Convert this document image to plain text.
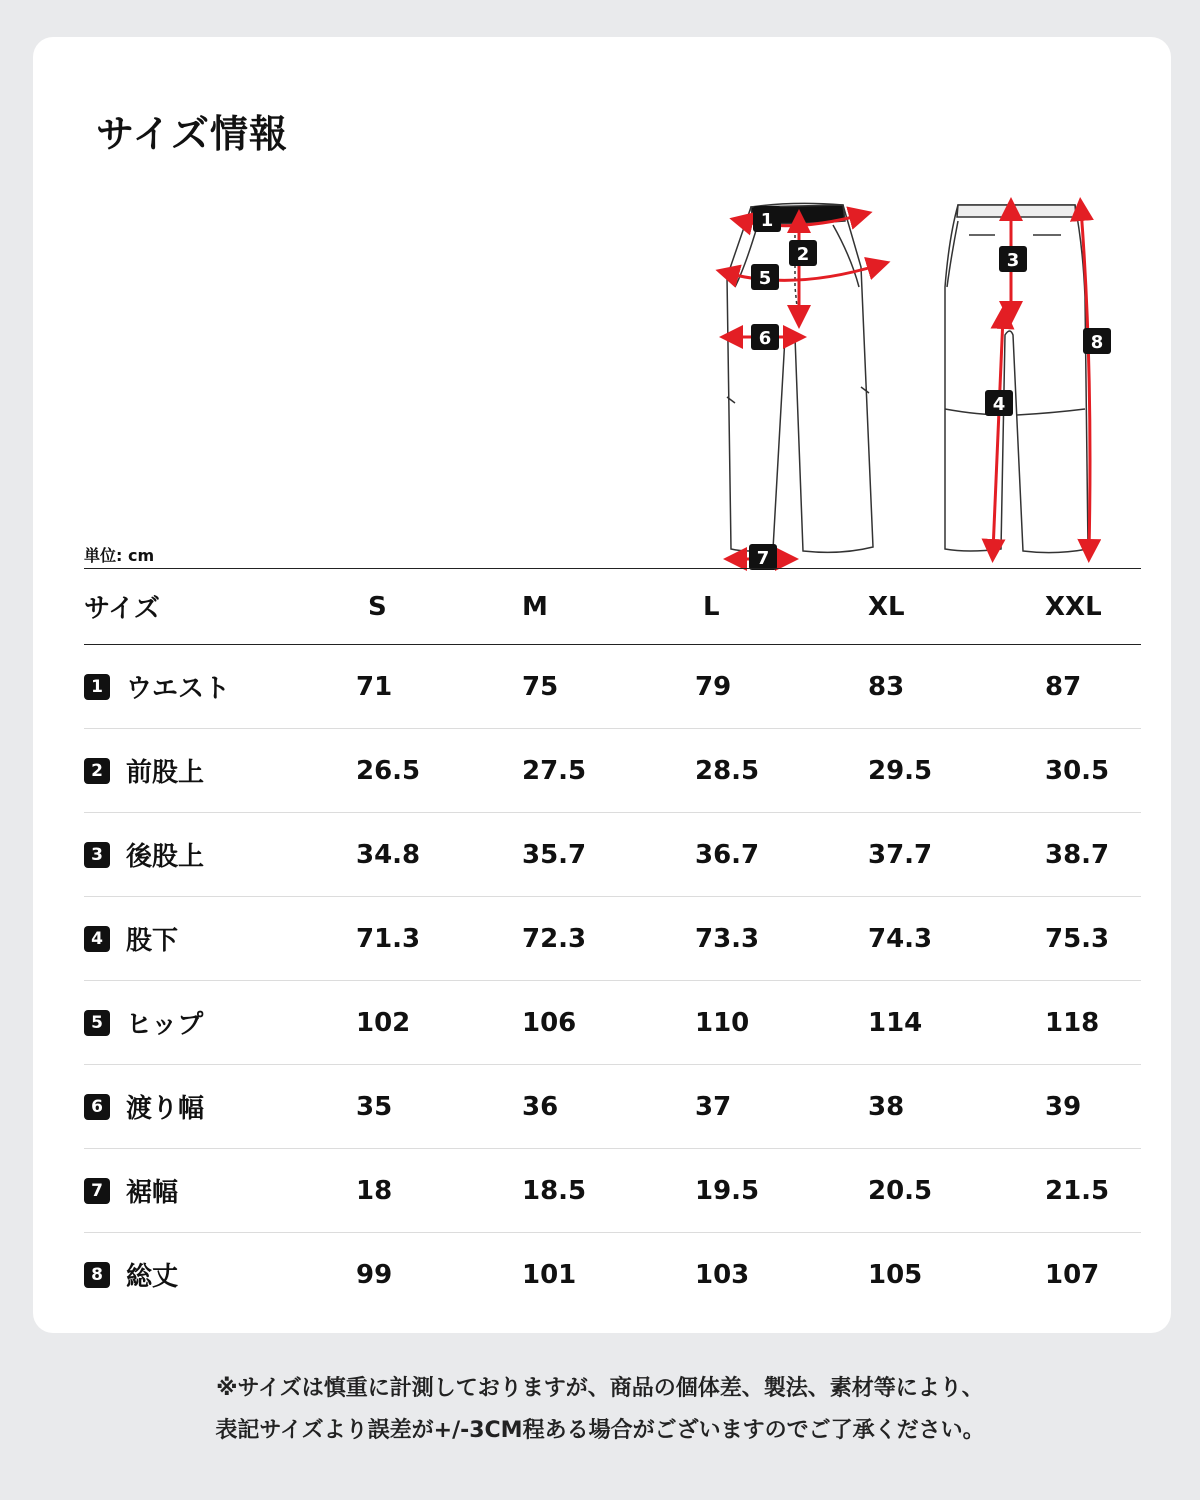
サイズ情報
1
2
5
6
7
3
4
8
単位: cm
サイズ	S	M	L	XL	XXL
1 ウエスト	71	75	79	83	87
2 前股上	26.5	27.5	28.5	29.5	30.5
3 後股上	34.8	35.7	36.7	37.7	38.7
4 股下	71.3	72.3	73.3	74.3	75.3
5 ヒップ	102	106	110	114	118
6 渡り幅	35	36	37	38	39
7 裾幅	18	18.5	19.5	20.5	21.5
8 総丈	99	101	103	105	107
※サイズは慎重に計測しておりますが、商品の個体差、製法、素材等により、
表記サイズより誤差が+/-3CM程ある場合がございますのでご了承ください。
